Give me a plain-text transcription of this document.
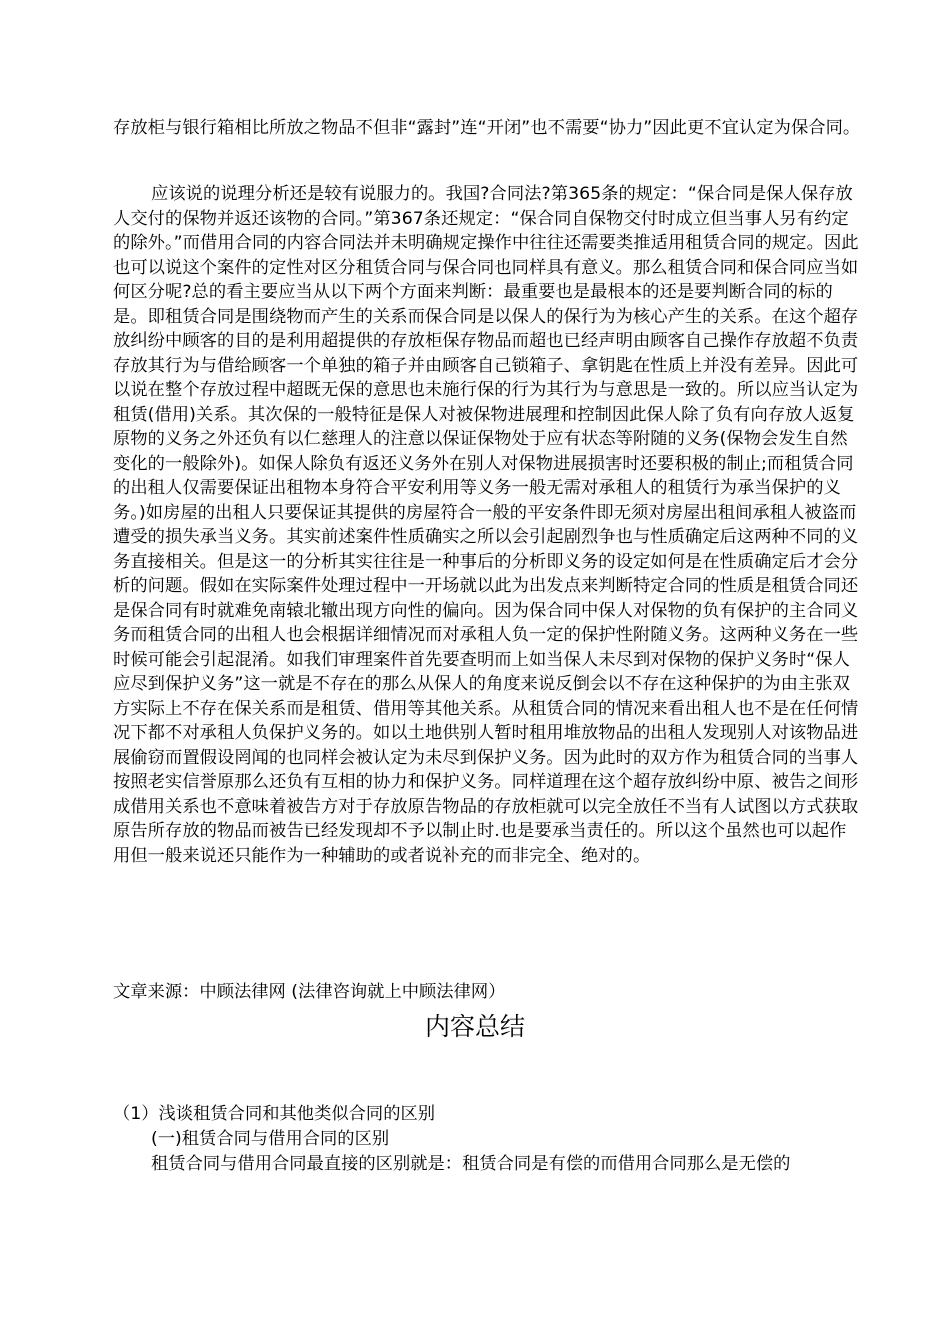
存放柜与银行箱相比所放之物品不但非“露封”连“开闭”也不需要“协力”因此更不宜认定为保合同。

应该说的说理分析还是较有说服力的。我国?合同法?第365条的规定：“保合同是保人保存放人交付的保物并返还该物的合同。”第367条还规定：“保合同自保物交付时成立但当事人另有约定的除外。”而借用合同的内容合同法并未明确规定操作中往往还需要类推适用租赁合同的规定。因此也可以说这个案件的定性对区分租赁合同与保合同也同样具有意义。那么租赁合同和保合同应当如何区分呢?总的看主要应当从以下两个方面来判断：最重要也是最根本的还是要判断合同的标的是。即租赁合同是围绕物而产生的关系而保合同是以保人的保行为为核心产生的关系。在这个超存放纠纷中顾客的目的是利用超提供的存放柜保存物品而超也已经声明由顾客自己操作存放超不负责存放其行为与借给顾客一个单独的箱子并由顾客自己锁箱子、拿钥匙在性质上并没有差异。因此可以说在整个存放过程中超既无保的意思也未施行保的行为其行为与意思是一致的。所以应当认定为租赁(借用)关系。其次保的一般特征是保人对被保物进展理和控制因此保人除了负有向存放人返复原物的义务之外还负有以仁慈理人的注意以保证保物处于应有状态等附随的义务(保物会发生自然变化的一般除外)。如保人除负有返还义务外在别人对保物进展损害时还要积极的制止;而租赁合同的出租人仅需要保证出租物本身符合平安利用等义务一般无需对承租人的租赁行为承当保护的义务。)如房屋的出租人只要保证其提供的房屋符合一般的平安条件即无须对房屋出租间承租人被盗而遭受的损失承当义务。其实前述案件性质确实之所以会引起剧烈争也与性质确定后这两种不同的义务直接相关。但是这一的分析其实往往是一种事后的分析即义务的设定如何是在性质确定后才会分析的问题。假如在实际案件处理过程中一开场就以此为出发点来判断特定合同的性质是租赁合同还是保合同有时就难免南辕北辙出现方向性的偏向。因为保合同中保人对保物的负有保护的主合同义务而租赁合同的出租人也会根据详细情况而对承租人负一定的保护性附随义务。这两种义务在一些时候可能会引起混淆。如我们审理案件首先要查明而上如当保人未尽到对保物的保护义务时“保人应尽到保护义务”这一就是不存在的那么从保人的角度来说反倒会以不存在这种保护的为由主张双方实际上不存在保关系而是租赁、借用等其他关系。从租赁合同的情况来看出租人也不是在任何情况下都不对承租人负保护义务的。如以土地供别人暂时租用堆放物品的出租人发现别人对该物品进展偷窃而置假设罔闻的也同样会被认定为未尽到保护义务。因为此时的双方作为租赁合同的当事人按照老实信誉原那么还负有互相的协力和保护义务。同样道理在这个超存放纠纷中原、被告之间形成借用关系也不意味着被告方对于存放原告物品的存放柜就可以完全放任不当有人试图以方式获取原告所存放的物品而被告已经发现却不予以制止时.也是要承当责任的。所以这个虽然也可以起作用但一般来说还只能作为一种辅助的或者说补充的而非完全、绝对的。

文章来源：中顾法律网 (法律咨询就上中顾法律网）

内容总结

（1）浅谈租赁合同和其他类似合同的区别

(一)租赁合同与借用合同的区别

租赁合同与借用合同最直接的区别就是：租赁合同是有偿的而借用合同那么是无偿的
